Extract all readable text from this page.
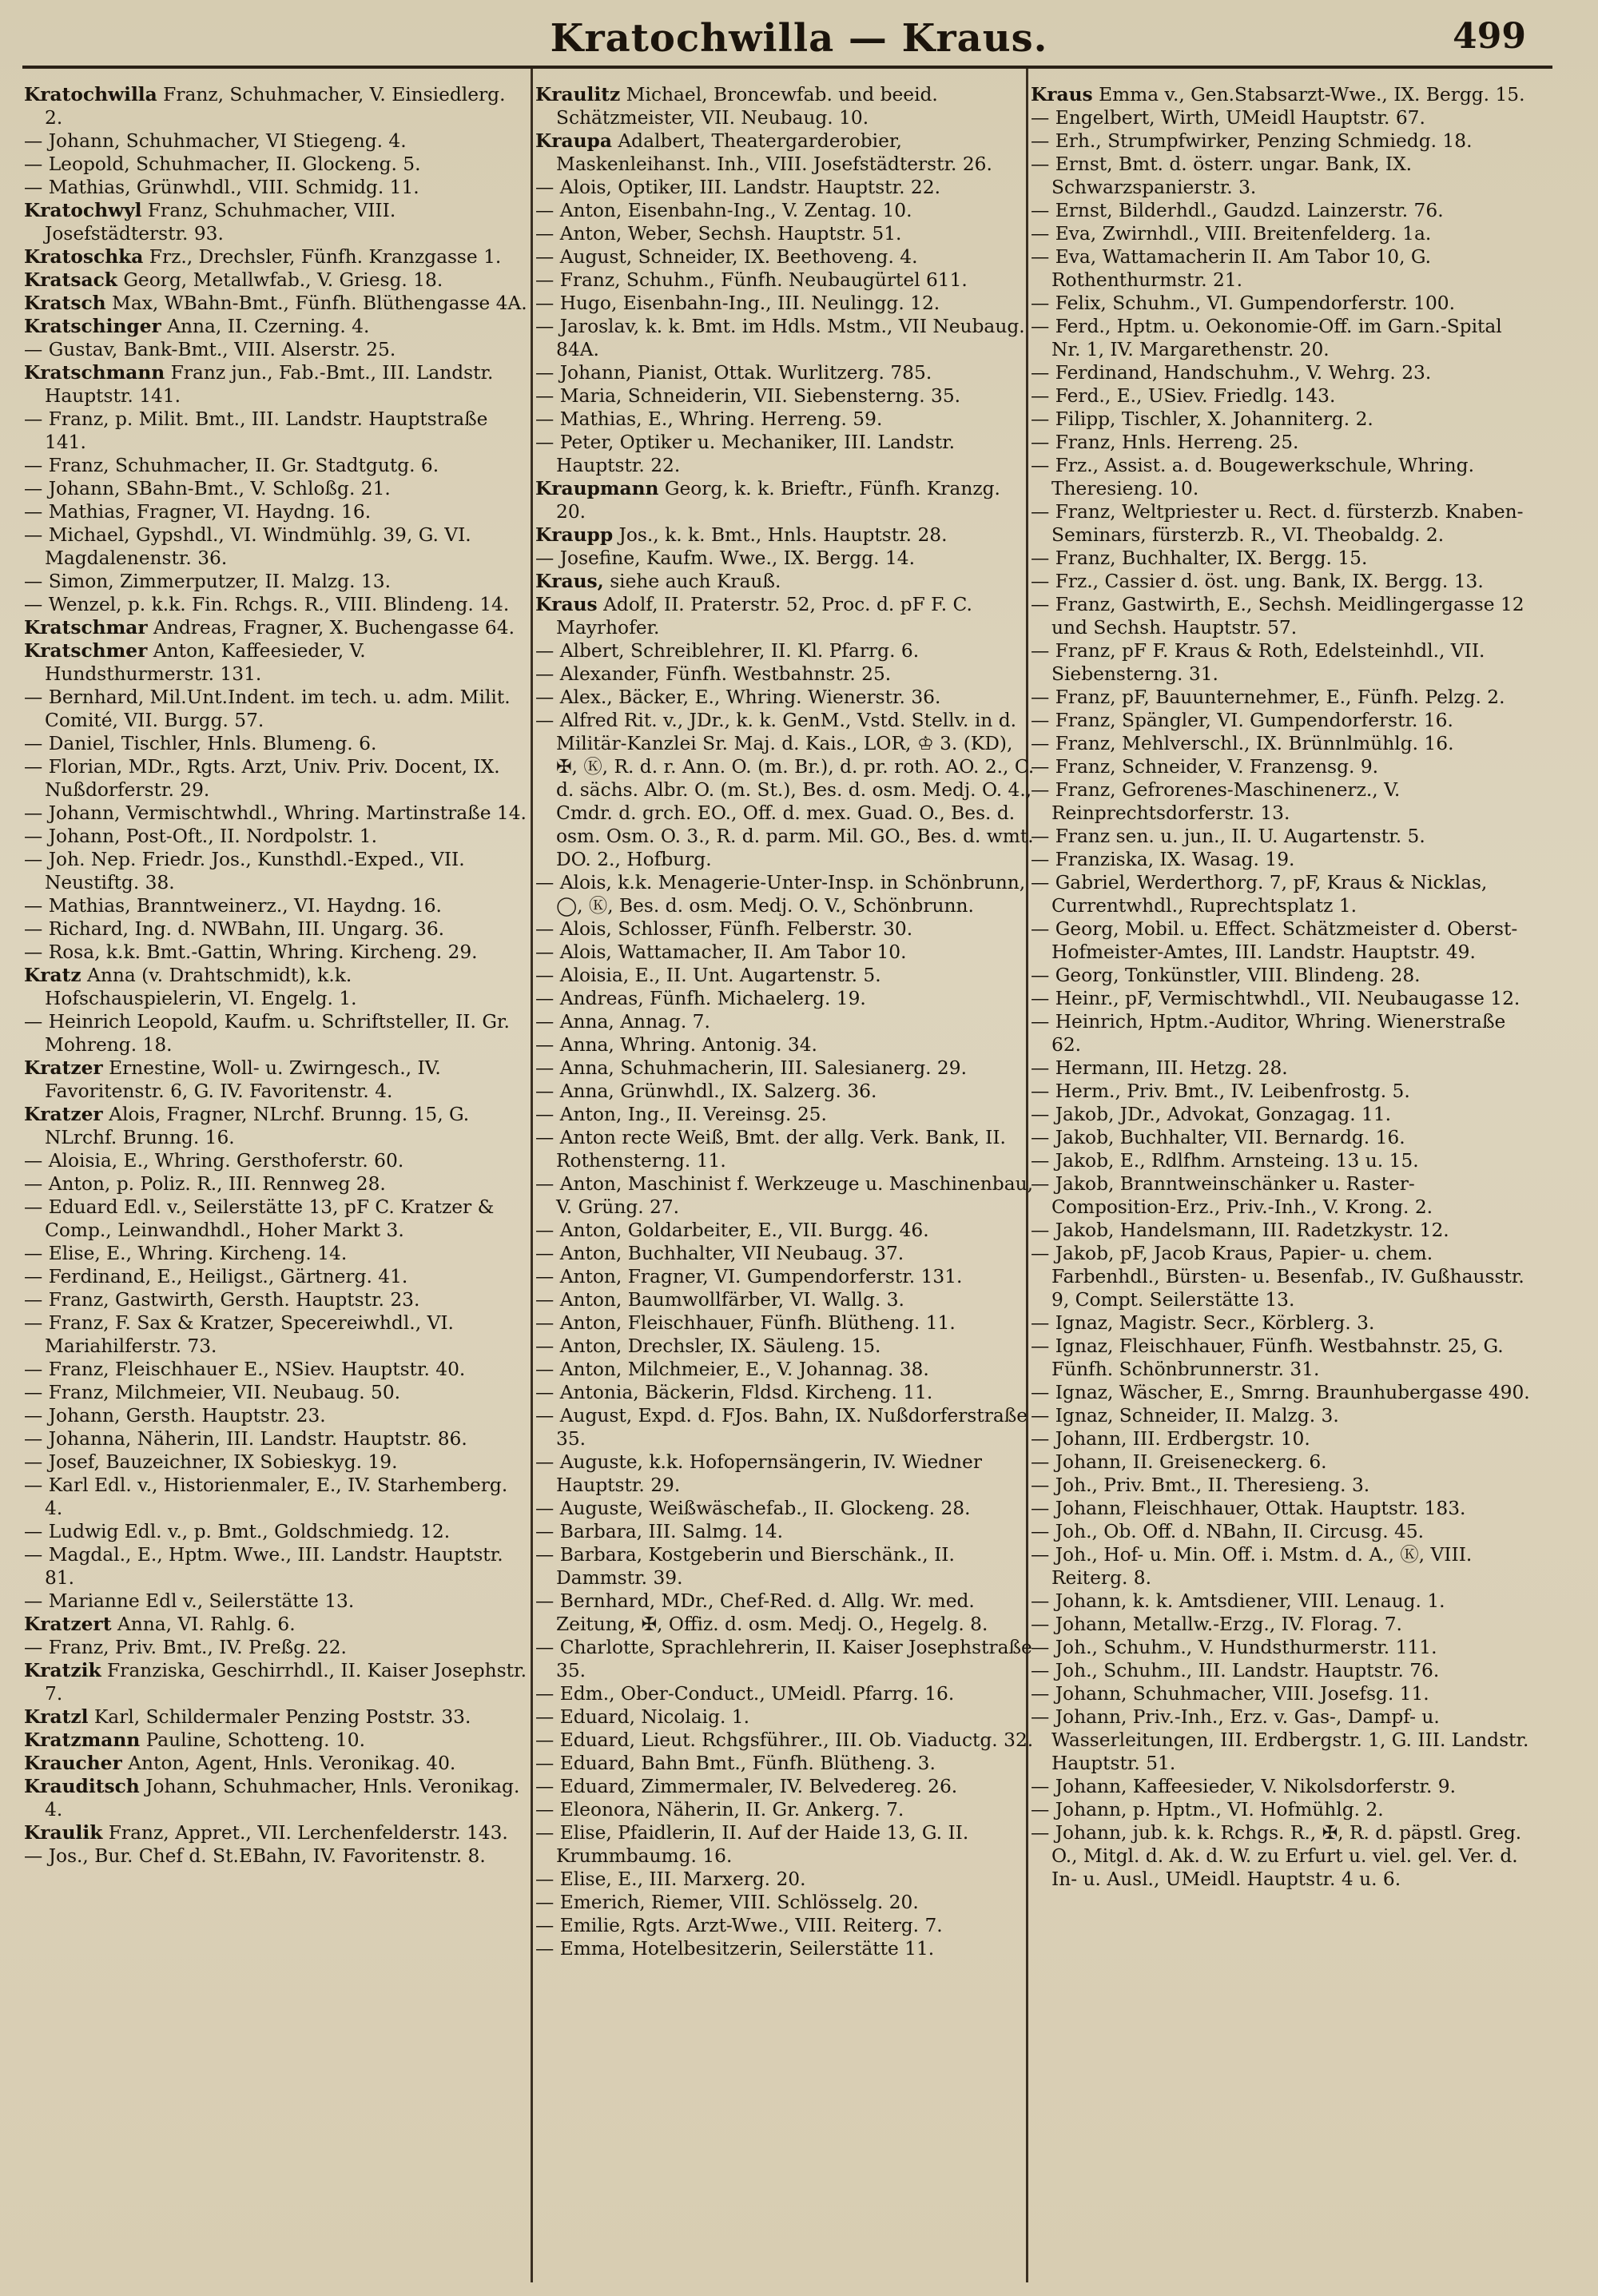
Kratochwilla — Kraus.	499

Kratochwilla Franz, Schuhmacher, V. Einsiedlerg. 2.

— Johann, Schuhmacher, VI Stiegeng. 4.

— Leopold, Schuhmacher, II. Glockeng. 5.

— Mathias, Grünwhdl., VIII. Schmidg. 11.

Kratochwyl Franz, Schuhmacher, VIII. Josefstädterstr. 93.

Kratoschka Frz., Drechsler, Fünfh. Kranzgasse 1.

Kratsack Georg, Metallwfab., V. Griesg. 18.

Kratsch Max, WBahn-Bmt., Fünfh. Blüthengasse 4A.

Kratschinger Anna, II. Czerning. 4.

— Gustav, Bank-Bmt., VIII. Alserstr. 25.

Kratschmann Franz jun., Fab.-Bmt., III. Landstr. Hauptstr. 141.

— Franz, p. Milit. Bmt., III. Landstr. Hauptstraße 141.

— Franz, Schuhmacher, II. Gr. Stadtgutg. 6.

— Johann, SBahn-Bmt., V. Schloßg. 21.

— Mathias, Fragner, VI. Haydng. 16.

— Michael, Gypshdl., VI. Windmühlg. 39, G. VI. Magdalenenstr. 36.

— Simon, Zimmerputzer, II. Malzg. 13.

— Wenzel, p. k.k. Fin. Rchgs. R., VIII. Blindeng. 14.

Kratschmar Andreas, Fragner, X. Buchengasse 64.

Kratschmer Anton, Kaffeesieder, V. Hundsthurmerstr. 131.

— Bernhard, Mil.Unt.Indent. im tech. u. adm. Milit. Comité, VII. Burgg. 57.

— Daniel, Tischler, Hnls. Blumeng. 6.

— Florian, MDr., Rgts. Arzt, Univ. Priv. Docent, IX. Nußdorferstr. 29.

— Johann, Vermischtwhdl., Whring. Martinstraße 14.

— Johann, Post-Oft., II. Nordpolstr. 1.

— Joh. Nep. Friedr. Jos., Kunsthdl.-Exped., VII. Neustiftg. 38.

— Mathias, Branntweinerz., VI. Haydng. 16.

— Richard, Ing. d. NWBahn, III. Ungarg. 36.

— Rosa, k.k. Bmt.-Gattin, Whring. Kircheng. 29.

Kratz Anna (v. Drahtschmidt), k.k. Hofschauspielerin, VI. Engelg. 1.

— Heinrich Leopold, Kaufm. u. Schriftsteller, II. Gr. Mohreng. 18.

Kratzer Ernestine, Woll- u. Zwirngesch., IV. Favoritenstr. 6, G. IV. Favoritenstr. 4.

Kratzer Alois, Fragner, NLrchf. Brunng. 15, G. NLrchf. Brunng. 16.

— Aloisia, E., Whring. Gersthoferstr. 60.

— Anton, p. Poliz. R., III. Rennweg 28.

— Eduard Edl. v., Seilerstätte 13, pF C. Kratzer & Comp., Leinwandhdl., Hoher Markt 3.

— Elise, E., Whring. Kircheng. 14.

— Ferdinand, E., Heiligst., Gärtnerg. 41.

— Franz, Gastwirth, Gersth. Hauptstr. 23.

— Franz, F. Sax & Kratzer, Specereiwhdl., VI. Mariahilferstr. 73.

— Franz, Fleischhauer E., NSiev. Hauptstr. 40.

— Franz, Milchmeier, VII. Neubaug. 50.

— Johann, Gersth. Hauptstr. 23.

— Johanna, Näherin, III. Landstr. Hauptstr. 86.

— Josef, Bauzeichner, IX Sobieskyg. 19.

— Karl Edl. v., Historienmaler, E., IV. Starhemberg. 4.

— Ludwig Edl. v., p. Bmt., Goldschmiedg. 12.

— Magdal., E., Hptm. Wwe., III. Landstr. Hauptstr. 81.

— Marianne Edl v., Seilerstätte 13.

Kratzert Anna, VI. Rahlg. 6.

— Franz, Priv. Bmt., IV. Preßg. 22.

Kratzik Franziska, Geschirrhdl., II. Kaiser Josephstr. 7.

Kratzl Karl, Schildermaler Penzing Poststr. 33.

Kratzmann Pauline, Schotteng. 10.

Kraucher Anton, Agent, Hnls. Veronikag. 40.

Krauditsch Johann, Schuhmacher, Hnls. Veronikag. 4.

Kraulik Franz, Appret., VII. Lerchenfelderstr. 143.

— Jos., Bur. Chef d. St.EBahn, IV. Favoritenstr. 8.

Kraulitz Michael, Broncewfab. und beeid. Schätzmeister, VII. Neubaug. 10.

Kraupa Adalbert, Theatergarderobier, Maskenleihanst. Inh., VIII. Josefstädterstr. 26.

— Alois, Optiker, III. Landstr. Hauptstr. 22.

— Anton, Eisenbahn-Ing., V. Zentag. 10.

— Anton, Weber, Sechsh. Hauptstr. 51.

— August, Schneider, IX. Beethoveng. 4.

— Franz, Schuhm., Fünfh. Neubaugürtel 611.

— Hugo, Eisenbahn-Ing., III. Neulingg. 12.

— Jaroslav, k. k. Bmt. im Hdls. Mstm., VII Neubaug. 84A.

— Johann, Pianist, Ottak. Wurlitzerg. 785.

— Maria, Schneiderin, VII. Siebensterng. 35.

— Mathias, E., Whring. Herreng. 59.

— Peter, Optiker u. Mechaniker, III. Landstr. Hauptstr. 22.

Kraupmann Georg, k. k. Brieftr., Fünfh. Kranzg. 20.

Kraupp Jos., k. k. Bmt., Hnls. Hauptstr. 28.

— Josefine, Kaufm. Wwe., IX. Bergg. 14.

Kraus, siehe auch Krauß.

Kraus Adolf, II. Praterstr. 52, Proc. d. pF F. C. Mayrhofer.

— Albert, Schreiblehrer, II. Kl. Pfarrg. 6.

— Alexander, Fünfh. Westbahnstr. 25.

— Alex., Bäcker, E., Whring. Wienerstr. 36.

— Alfred Rit. v., JDr., k. k. GenM., Vstd. Stellv. in d. Militär-Kanzlei Sr. Maj. d. Kais., LOR, ♔ 3. (KD), ✠, Ⓚ, R. d. r. Ann. O. (m. Br.), d. pr. roth. AO. 2., C. d. sächs. Albr. O. (m. St.), Bes. d. osm. Medj. O. 4., Cmdr. d. grch. EO., Off. d. mex. Guad. O., Bes. d. osm. Osm. O. 3., R. d. parm. Mil. GO., Bes. d. wmt. DO. 2., Hofburg.

— Alois, k.k. Menagerie-Unter-Insp. in Schönbrunn, ◯, Ⓚ, Bes. d. osm. Medj. O. V., Schönbrunn.

— Alois, Schlosser, Fünfh. Felberstr. 30.

— Alois, Wattamacher, II. Am Tabor 10.

— Aloisia, E., II. Unt. Augartenstr. 5.

— Andreas, Fünfh. Michaelerg. 19.

— Anna, Annag. 7.

— Anna, Whring. Antonig. 34.

— Anna, Schuhmacherin, III. Salesianerg. 29.

— Anna, Grünwhdl., IX. Salzerg. 36.

— Anton, Ing., II. Vereinsg. 25.

— Anton recte Weiß, Bmt. der allg. Verk. Bank, II. Rothensterng. 11.

— Anton, Maschinist f. Werkzeuge u. Maschinenbau, V. Grüng. 27.

— Anton, Goldarbeiter, E., VII. Burgg. 46.

— Anton, Buchhalter, VII Neubaug. 37.

— Anton, Fragner, VI. Gumpendorferstr. 131.

— Anton, Baumwollfärber, VI. Wallg. 3.

— Anton, Fleischhauer, Fünfh. Blütheng. 11.

— Anton, Drechsler, IX. Säuleng. 15.

— Anton, Milchmeier, E., V. Johannag. 38.

— Antonia, Bäckerin, Fldsd. Kircheng. 11.

— August, Expd. d. FJos. Bahn, IX. Nußdorferstraße 35.

— Auguste, k.k. Hofopernsängerin, IV. Wiedner Hauptstr. 29.

— Auguste, Weißwäschefab., II. Glockeng. 28.

— Barbara, III. Salmg. 14.

— Barbara, Kostgeberin und Bierschänk., II. Dammstr. 39.

— Bernhard, MDr., Chef-Red. d. Allg. Wr. med. Zeitung, ✠, Offiz. d. osm. Medj. O., Hegelg. 8.

— Charlotte, Sprachlehrerin, II. Kaiser Josephstraße 35.

— Edm., Ober-Conduct., UMeidl. Pfarrg. 16.

— Eduard, Nicolaig. 1.

— Eduard, Lieut. Rchgsführer., III. Ob. Viaductg. 32.

— Eduard, Bahn Bmt., Fünfh. Blütheng. 3.

— Eduard, Zimmermaler, IV. Belvedereg. 26.

— Eleonora, Näherin, II. Gr. Ankerg. 7.

— Elise, Pfaidlerin, II. Auf der Haide 13, G. II. Krummbaumg. 16.

— Elise, E., III. Marxerg. 20.

— Emerich, Riemer, VIII. Schlösselg. 20.

— Emilie, Rgts. Arzt-Wwe., VIII. Reiterg. 7.

— Emma, Hotelbesitzerin, Seilerstätte 11.

Kraus Emma v., Gen.Stabsarzt-Wwe., IX. Bergg. 15.

— Engelbert, Wirth, UMeidl Hauptstr. 67.

— Erh., Strumpfwirker, Penzing Schmiedg. 18.

— Ernst, Bmt. d. österr. ungar. Bank, IX. Schwarzspanierstr. 3.

— Ernst, Bilderhdl., Gaudzd. Lainzerstr. 76.

— Eva, Zwirnhdl., VIII. Breitenfelderg. 1a.

— Eva, Wattamacherin II. Am Tabor 10, G. Rothenthurmstr. 21.

— Felix, Schuhm., VI. Gumpendorferstr. 100.

— Ferd., Hptm. u. Oekonomie-Off. im Garn.-Spital Nr. 1, IV. Margarethenstr. 20.

— Ferdinand, Handschuhm., V. Wehrg. 23.

— Ferd., E., USiev. Friedlg. 143.

— Filipp, Tischler, X. Johanniterg. 2.

— Franz, Hnls. Herreng. 25.

— Frz., Assist. a. d. Bougewerkschule, Whring. Theresieng. 10.

— Franz, Weltpriester u. Rect. d. fürsterzb. Knaben-Seminars, fürsterzb. R., VI. Theobaldg. 2.

— Franz, Buchhalter, IX. Bergg. 15.

— Frz., Cassier d. öst. ung. Bank, IX. Bergg. 13.

— Franz, Gastwirth, E., Sechsh. Meidlingergasse 12 und Sechsh. Hauptstr. 57.

— Franz, pF F. Kraus & Roth, Edelsteinhdl., VII. Siebensterng. 31.

— Franz, pF, Bauunternehmer, E., Fünfh. Pelzg. 2.

— Franz, Spängler, VI. Gumpendorferstr. 16.

— Franz, Mehlverschl., IX. Brünnlmühlg. 16.

— Franz, Schneider, V. Franzensg. 9.

— Franz, Gefrorenes-Maschinenerz., V. Reinprechtsdorferstr. 13.

— Franz sen. u. jun., II. U. Augartenstr. 5.

— Franziska, IX. Wasag. 19.

— Gabriel, Werderthorg. 7, pF, Kraus & Nicklas, Currentwhdl., Ruprechtsplatz 1.

— Georg, Mobil. u. Effect. Schätzmeister d. Oberst-Hofmeister-Amtes, III. Landstr. Hauptstr. 49.

— Georg, Tonkünstler, VIII. Blindeng. 28.

— Heinr., pF, Vermischtwhdl., VII. Neubaugasse 12.

— Heinrich, Hptm.-Auditor, Whring. Wienerstraße 62.

— Hermann, III. Hetzg. 28.

— Herm., Priv. Bmt., IV. Leibenfrostg. 5.

— Jakob, JDr., Advokat, Gonzagag. 11.

— Jakob, Buchhalter, VII. Bernardg. 16.

— Jakob, E., Rdlfhm. Arnsteing. 13 u. 15.

— Jakob, Branntweinschänker u. Raster-Composition-Erz., Priv.-Inh., V. Krong. 2.

— Jakob, Handelsmann, III. Radetzkystr. 12.

— Jakob, pF, Jacob Kraus, Papier- u. chem. Farbenhdl., Bürsten- u. Besenfab., IV. Gußhausstr. 9, Compt. Seilerstätte 13.

— Ignaz, Magistr. Secr., Körblerg. 3.

— Ignaz, Fleischhauer, Fünfh. Westbahnstr. 25, G. Fünfh. Schönbrunnerstr. 31.

— Ignaz, Wäscher, E., Smrng. Braunhubergasse 490.

— Ignaz, Schneider, II. Malzg. 3.

— Johann, III. Erdbergstr. 10.

— Johann, II. Greiseneckerg. 6.

— Joh., Priv. Bmt., II. Theresieng. 3.

— Johann, Fleischhauer, Ottak. Hauptstr. 183.

— Joh., Ob. Off. d. NBahn, II. Circusg. 45.

— Joh., Hof- u. Min. Off. i. Mstm. d. A., Ⓚ, VIII. Reiterg. 8.

— Johann, k. k. Amtsdiener, VIII. Lenaug. 1.

— Johann, Metallw.-Erzg., IV. Florag. 7.

— Joh., Schuhm., V. Hundsthurmerstr. 111.

— Joh., Schuhm., III. Landstr. Hauptstr. 76.

— Johann, Schuhmacher, VIII. Josefsg. 11.

— Johann, Priv.-Inh., Erz. v. Gas-, Dampf- u. Wasserleitungen, III. Erdbergstr. 1, G. III. Landstr. Hauptstr. 51.

— Johann, Kaffeesieder, V. Nikolsdorferstr. 9.

— Johann, p. Hptm., VI. Hofmühlg. 2.

— Johann, jub. k. k. Rchgs. R., ✠, R. d. päpstl. Greg. O., Mitgl. d. Ak. d. W. zu Erfurt u. viel. gel. Ver. d. In- u. Ausl., UMeidl. Hauptstr. 4 u. 6.
